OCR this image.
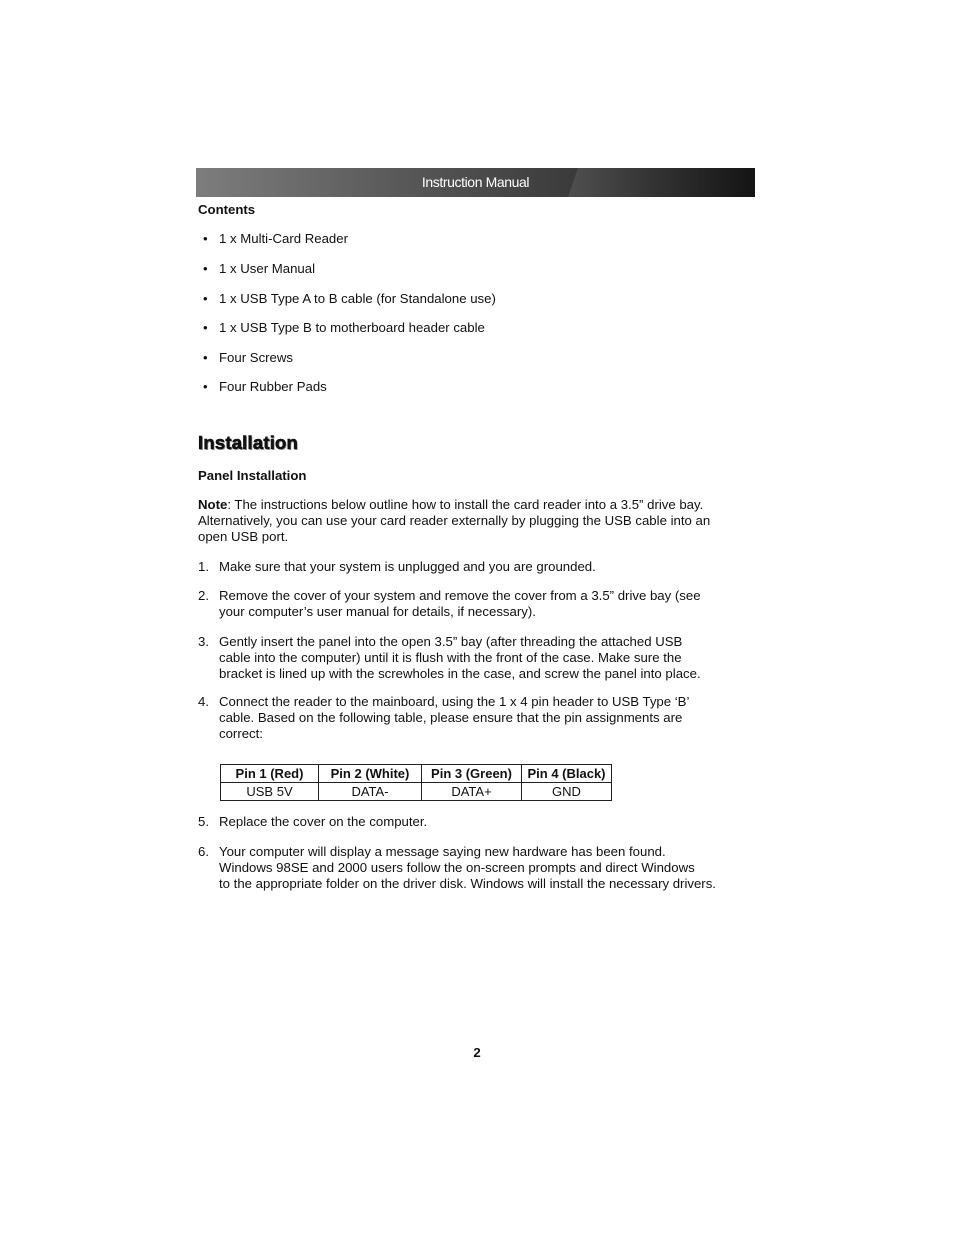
Instruction Manual
Contents
• 1 x Multi-Card Reader
• 1 x User Manual
• 1 x USB Type A to B cable (for Standalone use)
• 1 x USB Type B to motherboard header cable
• Four Screws
• Four Rubber Pads
Installation
Panel Installation
Note: The instructions below outline how to install the card reader into a 3.5” drive bay.
Alternatively, you can use your card reader externally by plugging the USB cable into an
open USB port.
1. Make sure that your system is unplugged and you are grounded.
2. Remove the cover of your system and remove the cover from a 3.5” drive bay (see
your computer’s user manual for details, if necessary).
3. Gently insert the panel into the open 3.5” bay (after threading the attached USB
cable into the computer) until it is flush with the front of the case. Make sure the
bracket is lined up with the screwholes in the case, and screw the panel into place.
4. Connect the reader to the mainboard, using the 1 x 4 pin header to USB Type ‘B’
cable. Based on the following table, please ensure that the pin assignments are
correct:
Pin 1 (Red)	Pin 2 (White)	Pin 3 (Green)	Pin 4 (Black)
USB 5V	DATA-	DATA+	GND
5. Replace the cover on the computer.
6. Your computer will display a message saying new hardware has been found.
Windows 98SE and 2000 users follow the on-screen prompts and direct Windows
to the appropriate folder on the driver disk. Windows will install the necessary drivers.
2
